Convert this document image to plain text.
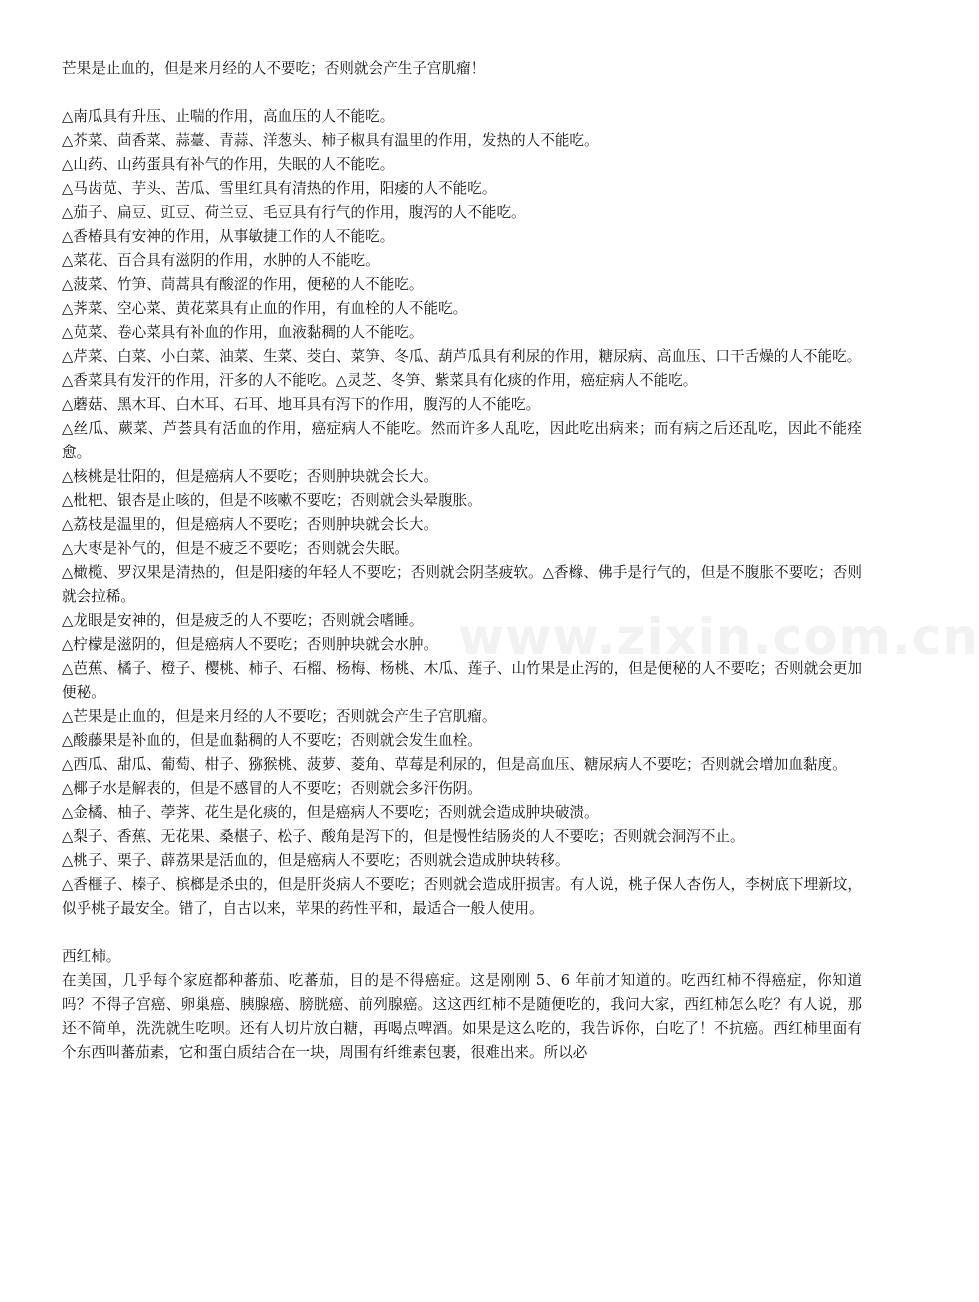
芒果是止血的，但是来月经的人不要吃；否则就会产生子宫肌瘤！

△南瓜具有升压、止喘的作用，高血压的人不能吃。

△芥菜、茴香菜、蒜薹、青蒜、洋葱头、柿子椒具有温里的作用，发热的人不能吃。

△山药、山药蛋具有补气的作用，失眠的人不能吃。

△马齿苋、芋头、苦瓜、雪里红具有清热的作用，阳痿的人不能吃。

△茄子、扁豆、豇豆、荷兰豆、毛豆具有行气的作用，腹泻的人不能吃。

△香椿具有安神的作用，从事敏捷工作的人不能吃。

△菜花、百合具有滋阴的作用，水肿的人不能吃。

△菠菜、竹笋、茼蒿具有酸涩的作用，便秘的人不能吃。

△荠菜、空心菜、黄花菜具有止血的作用，有血栓的人不能吃。

△苋菜、卷心菜具有补血的作用，血液黏稠的人不能吃。

△芹菜、白菜、小白菜、油菜、生菜、茭白、菜笋、冬瓜、葫芦瓜具有利尿的作用，糖尿病、高血压、口干舌燥的人不能吃。

△香菜具有发汗的作用，汗多的人不能吃。△灵芝、冬笋、紫菜具有化痰的作用，癌症病人不能吃。

△蘑菇、黑木耳、白木耳、石耳、地耳具有泻下的作用，腹泻的人不能吃。

△丝瓜、蕨菜、芦荟具有活血的作用，癌症病人不能吃。然而许多人乱吃，因此吃出病来；而有病之后还乱吃，因此不能痊愈。

△核桃是壮阳的，但是癌病人不要吃；否则肿块就会长大。

△枇杷、银杏是止咳的，但是不咳嗽不要吃；否则就会头晕腹胀。

△荔枝是温里的，但是癌病人不要吃；否则肿块就会长大。

△大枣是补气的，但是不疲乏不要吃；否则就会失眠。

△橄榄、罗汉果是清热的，但是阳痿的年轻人不要吃；否则就会阴茎疲软。△香橼、佛手是行气的，但是不腹胀不要吃；否则就会拉稀。

△龙眼是安神的，但是疲乏的人不要吃；否则就会嗜睡。

△柠檬是滋阴的，但是癌病人不要吃；否则肿块就会水肿。

△芭蕉、橘子、橙子、樱桃、柿子、石榴、杨梅、杨桃、木瓜、莲子、山竹果是止泻的，但是便秘的人不要吃；否则就会更加便秘。

△芒果是止血的，但是来月经的人不要吃；否则就会产生子宫肌瘤。

△酸藤果是补血的，但是血黏稠的人不要吃；否则就会发生血栓。

△西瓜、甜瓜、葡萄、柑子、猕猴桃、菠萝、菱角、草莓是利尿的，但是高血压、糖尿病人不要吃；否则就会增加血黏度。

△椰子水是解表的，但是不感冒的人不要吃；否则就会多汗伤阴。

△金橘、柚子、荸荠、花生是化痰的，但是癌病人不要吃；否则就会造成肿块破溃。

△梨子、香蕉、无花果、桑椹子、松子、酸角是泻下的，但是慢性结肠炎的人不要吃；否则就会洞泻不止。

△桃子、栗子、薜荔果是活血的，但是癌病人不要吃；否则就会造成肿块转移。

△香榧子、榛子、槟榔是杀虫的，但是肝炎病人不要吃；否则就会造成肝损害。有人说，桃子保人杏伤人，李树底下埋新坟，似乎桃子最安全。错了，自古以来，苹果的药性平和，最适合一般人使用。

西红柿。

在美国，几乎每个家庭都种蕃茄、吃蕃茄，目的是不得癌症。这是刚刚 5、6 年前才知道的。吃西红柿不得癌症，你知道吗？不得子宫癌、卵巢癌、胰腺癌、膀胱癌、前列腺癌。这这西红柿不是随便吃的，我问大家，西红柿怎么吃？有人说，那还不简单，洗洗就生吃呗。还有人切片放白糖，再喝点啤酒。如果是这么吃的，我告诉你，白吃了！不抗癌。西红柿里面有个东西叫蕃茄素，它和蛋白质结合在一块，周围有纤维素包裹，很难出来。所以必

www.zixin.com.cn
